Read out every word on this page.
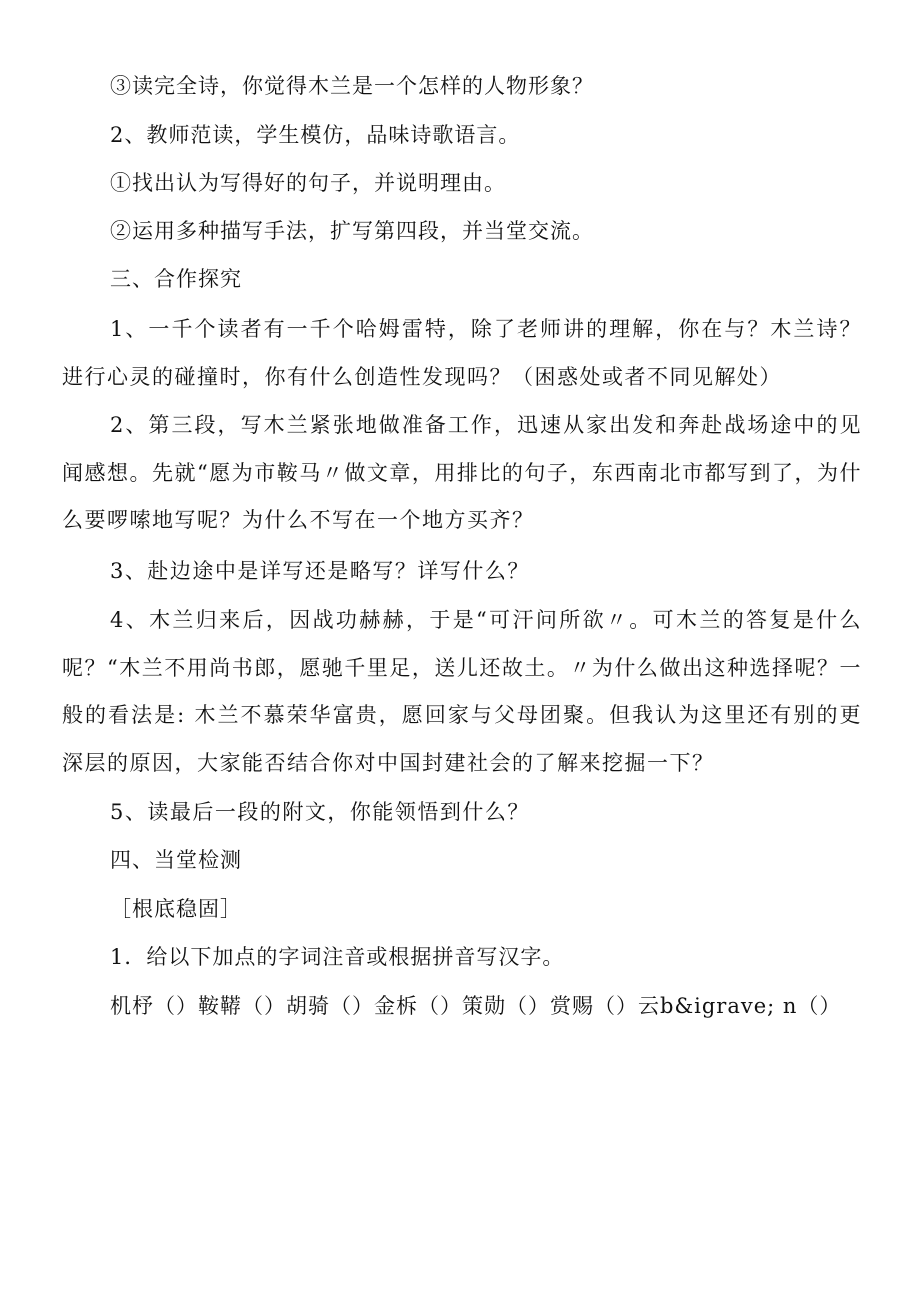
③读完全诗，你觉得木兰是一个怎样的人物形象？
2、教师范读，学生模仿，品味诗歌语言。
①找出认为写得好的句子，并说明理由。
②运用多种描写手法，扩写第四段，并当堂交流。
三、合作探究
1、一千个读者有一千个哈姆雷特，除了老师讲的理解，你在与？木兰诗？进行心灵的碰撞时，你有什么创造性发现吗？（困惑处或者不同见解处）
2、第三段，写木兰紧张地做准备工作，迅速从家出发和奔赴战场途中的见闻感想。先就“愿为市鞍马〃做文章，用排比的句子，东西南北市都写到了，为什么要啰嗦地写呢？为什么不写在一个地方买齐？
3、赴边途中是详写还是略写？详写什么？
4、木兰归来后，因战功赫赫，于是“可汗问所欲〃。可木兰的答复是什么呢？“木兰不用尚书郎，愿驰千里足，送儿还故土。〃为什么做出这种选择呢？一般的看法是: 木兰不慕荣华富贵，愿回家与父母团聚。但我认为这里还有别的更深层的原因，大家能否结合你对中国封建社会的了解来挖掘一下？
5、读最后一段的附文，你能领悟到什么？
四、当堂检测
［根底稳固］
1．给以下加点的字词注音或根据拼音写汉字。
机杼（）鞍鞯（）胡骑（）金柝（）策勋（）赏赐（）云b&igrave; n（）
